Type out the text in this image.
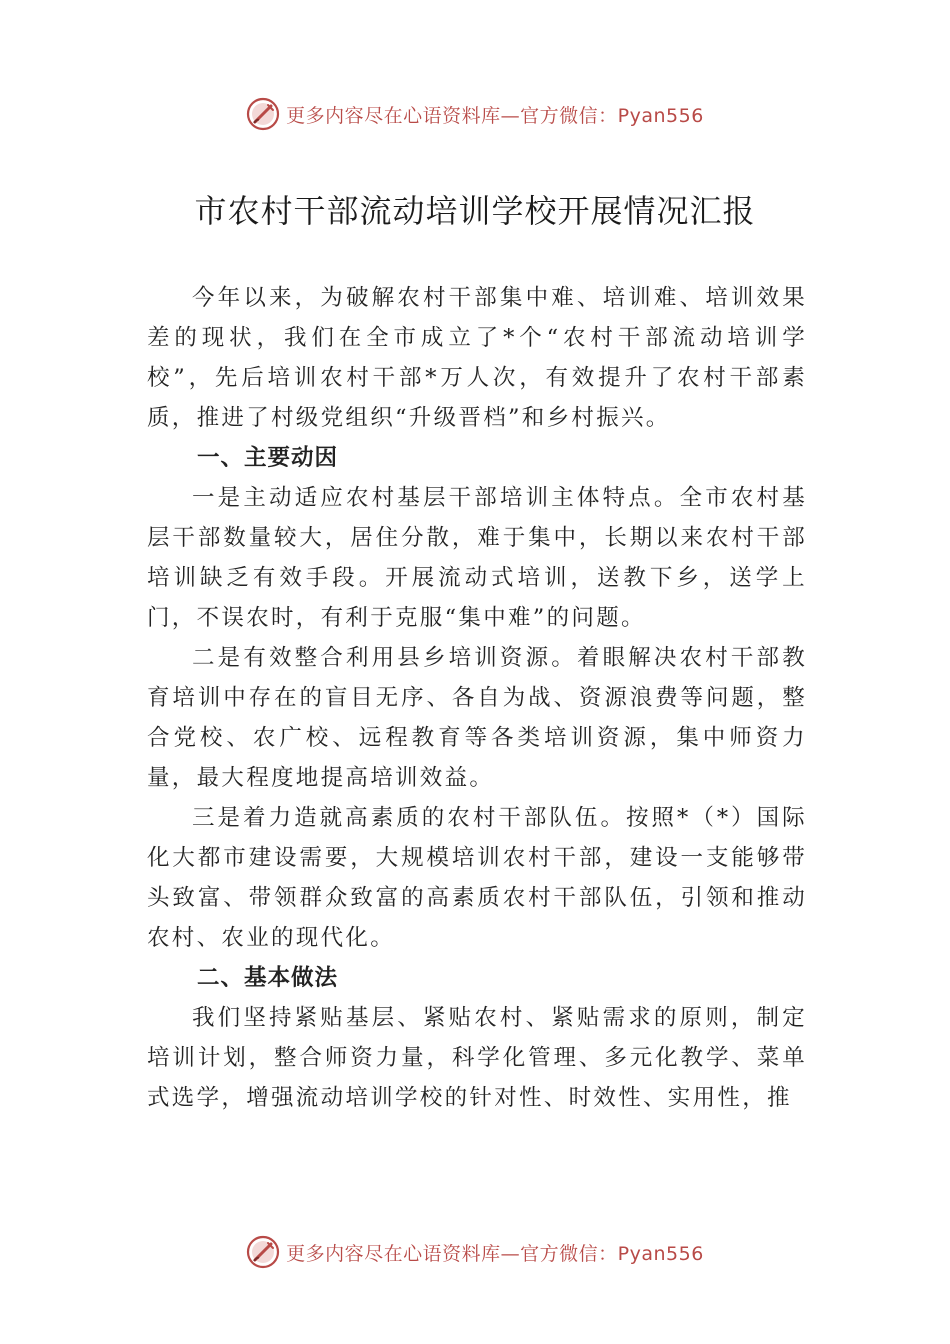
更多内容尽在心语资料库—官方微信：Pyan556
市农村干部流动培训学校开展情况汇报

今年以来，为破解农村干部集中难、培训难、培训效果差的现状，我们在全市成立了*个“农村干部流动培训学校”，先后培训农村干部*万人次，有效提升了农村干部素质，推进了村级党组织“升级晋档”和乡村振兴。

一、主要动因

一是主动适应农村基层干部培训主体特点。全市农村基层干部数量较大，居住分散，难于集中，长期以来农村干部培训缺乏有效手段。开展流动式培训，送教下乡，送学上门，不误农时，有利于克服“集中难”的问题。

二是有效整合利用县乡培训资源。着眼解决农村干部教育培训中存在的盲目无序、各自为战、资源浪费等问题，整合党校、农广校、远程教育等各类培训资源，集中师资力量，最大程度地提高培训效益。

三是着力造就高素质的农村干部队伍。按照*（*）国际化大都市建设需要，大规模培训农村干部，建设一支能够带头致富、带领群众致富的高素质农村干部队伍，引领和推动农村、农业的现代化。

二、基本做法

我们坚持紧贴基层、紧贴农村、紧贴需求的原则，制定培训计划，整合师资力量，科学化管理、多元化教学、菜单式选学，增强流动培训学校的针对性、时效性、实用性，推

更多内容尽在心语资料库—官方微信：Pyan556
